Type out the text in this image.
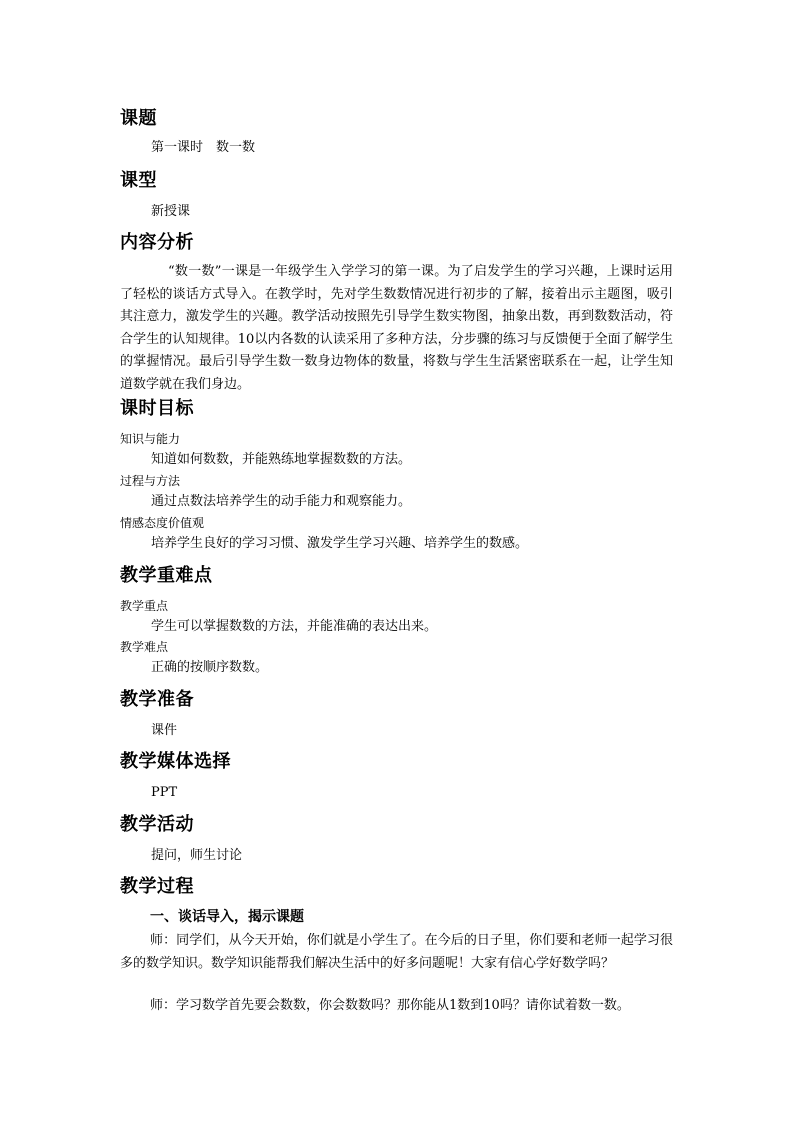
课题
第一课时　数一数
课型
新授课
内容分析
“数一数”一课是一年级学生入学学习的第一课。为了启发学生的学习兴趣，上课时运用了轻松的谈话方式导入。在教学时，先对学生数数情况进行初步的了解，接着出示主题图，吸引其注意力，激发学生的兴趣。教学活动按照先引导学生数实物图，抽象出数，再到数数活动，符合学生的认知规律。10以内各数的认读采用了多种方法，分步骤的练习与反馈便于全面了解学生的掌握情况。最后引导学生数一数身边物体的数量，将数与学生生活紧密联系在一起，让学生知道数学就在我们身边。
课时目标
知识与能力
知道如何数数，并能熟练地掌握数数的方法。
过程与方法
通过点数法培养学生的动手能力和观察能力。
情感态度价值观
培养学生良好的学习习惯、激发学生学习兴趣、培养学生的数感。
教学重难点
教学重点
学生可以掌握数数的方法，并能准确的表达出来。
教学难点
正确的按顺序数数。
教学准备
课件
教学媒体选择
PPT
教学活动
提问，师生讨论
教学过程
一、谈话导入，揭示课题
师：同学们，从今天开始，你们就是小学生了。在今后的日子里，你们要和老师一起学习很多的数学知识。数学知识能帮我们解决生活中的好多问题呢！大家有信心学好数学吗？
师：学习数学首先要会数数，你会数数吗？那你能从1数到10吗？请你试着数一数。
